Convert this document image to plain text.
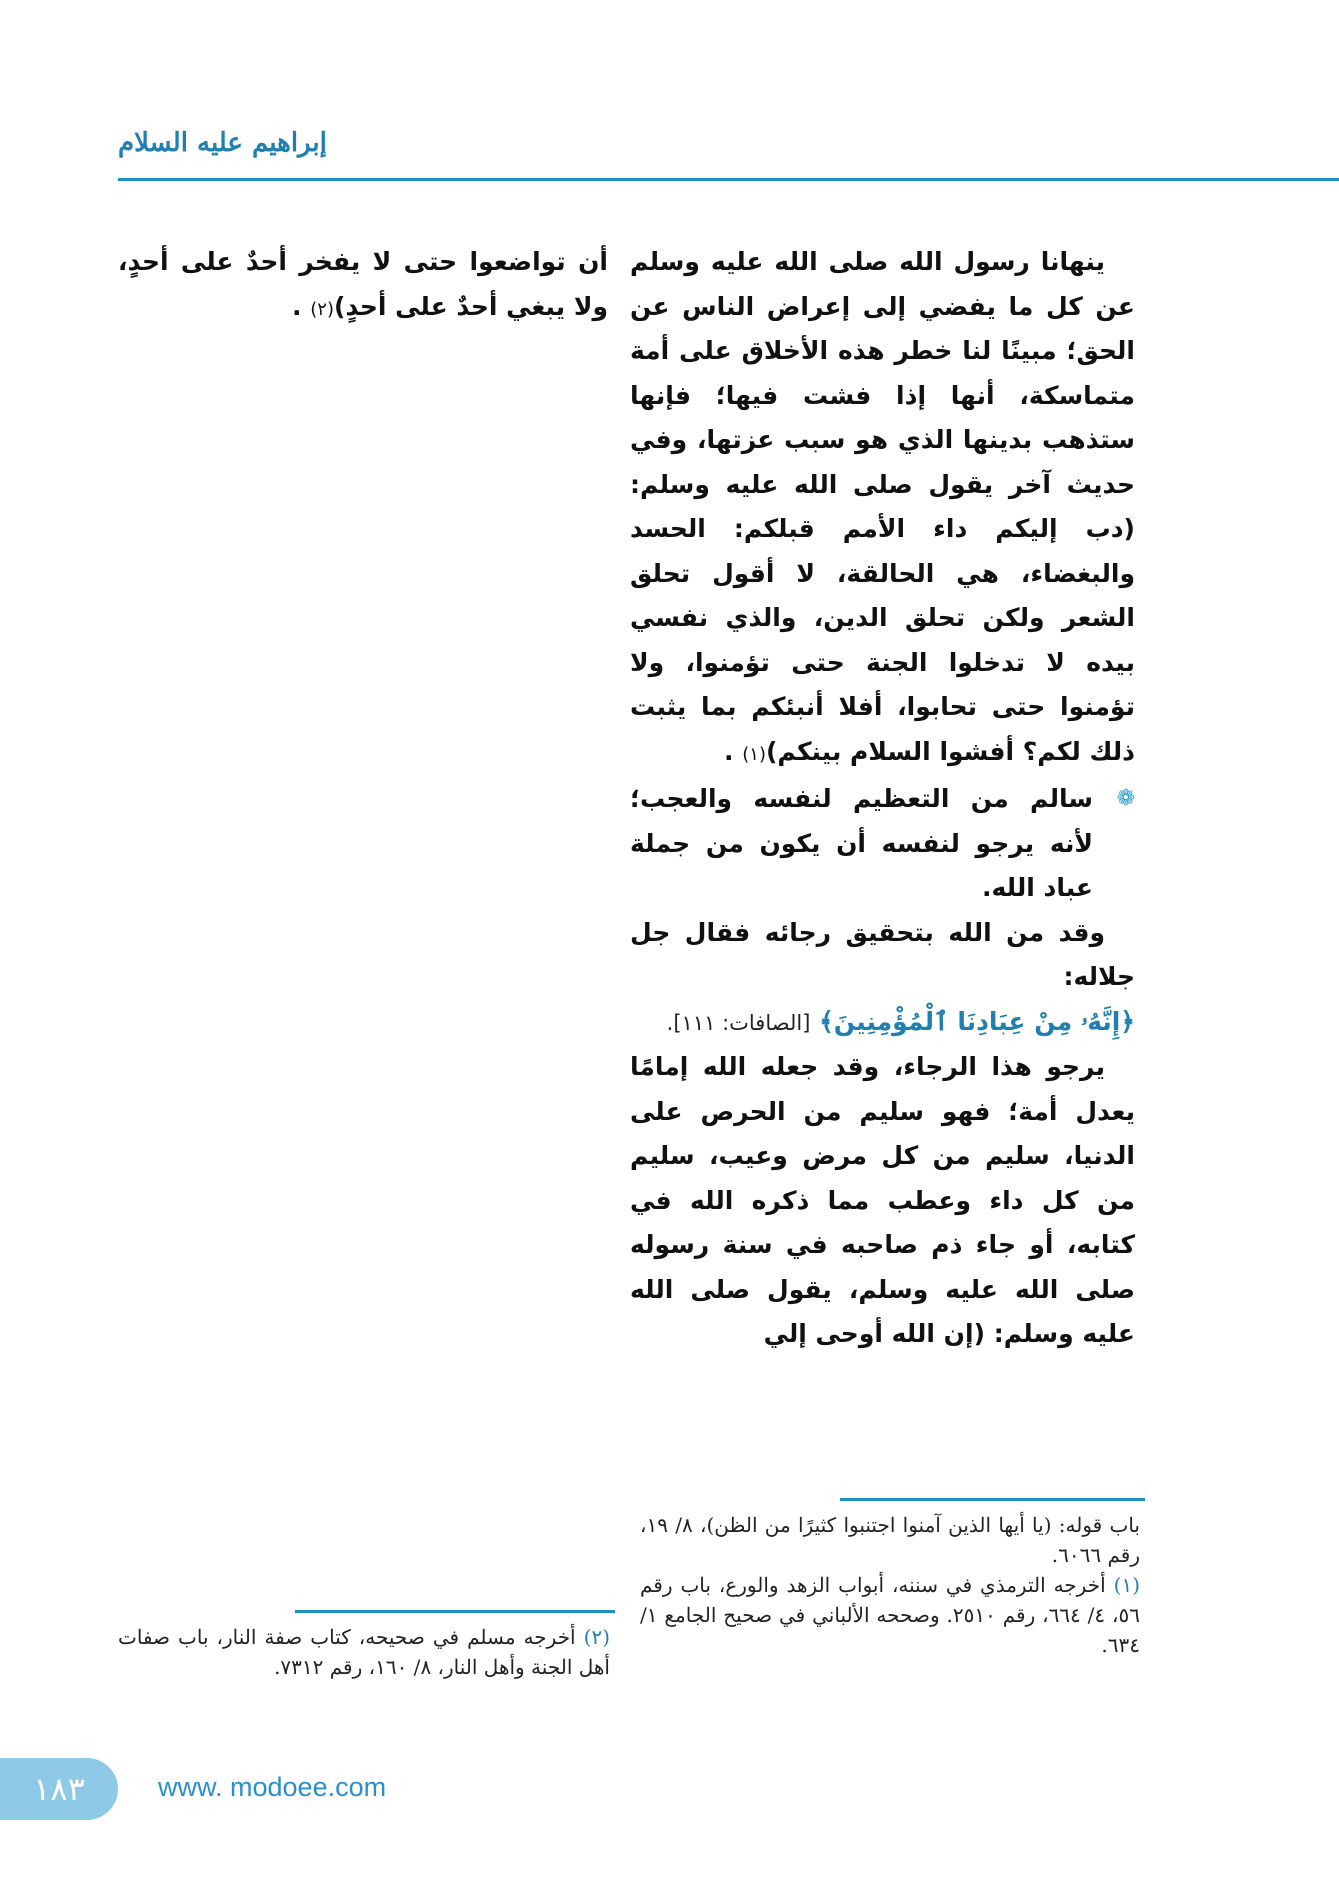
إبراهيم عليه السلام

ينهانا رسول الله صلى الله عليه وسلم عن كل ما يفضي إلى إعراض الناس عن الحق؛ مبينًا لنا خطر هذه الأخلاق على أمة متماسكة، أنها إذا فشت فيها؛ فإنها ستذهب بدينها الذي هو سبب عزتها، وفي حديث آخر يقول صلى الله عليه وسلم: (دب إليكم داء الأمم قبلكم: الحسد والبغضاء، هي الحالقة، لا أقول تحلق الشعر ولكن تحلق الدين، والذي نفسي بيده لا تدخلوا الجنة حتى تؤمنوا، ولا تؤمنوا حتى تحابوا، أفلا أنبئكم بما يثبت ذلك لكم؟ أفشوا السلام بينكم)(١) .

❁
سالم من التعظيم لنفسه والعجب؛ لأنه يرجو لنفسه أن يكون من جملة عباد الله.

وقد من الله بتحقيق رجائه فقال جل جلاله:

﴿إِنَّهُۥ مِنْ عِبَادِنَا ٱلْمُؤْمِنِينَ﴾ [الصافات: ١١١].

يرجو هذا الرجاء، وقد جعله الله إمامًا يعدل أمة؛ فهو سليم من الحرص على الدنيا، سليم من كل مرض وعيب، سليم من كل داء وعطب مما ذكره الله في كتابه، أو جاء ذم صاحبه في سنة رسوله صلى الله عليه وسلم، يقول صلى الله عليه وسلم: (إن الله أوحى إلي

أن تواضعوا حتى لا يفخر أحدٌ على أحدٍ، ولا يبغي أحدٌ على أحدٍ)(٢) .

باب قوله: (يا أيها الذين آمنوا اجتنبوا كثيرًا من الظن)، ٨/ ١٩، رقم ٦٠٦٦.

(١)أخرجه الترمذي في سننه، أبواب الزهد والورع، باب رقم ٥٦، ٤/ ٦٦٤، رقم ٢٥١٠. وصححه الألباني في صحيح الجامع ١/ ٦٣٤.

(٢)أخرجه مسلم في صحيحه، كتاب صفة النار، باب صفات أهل الجنة وأهل النار، ٨/ ١٦٠، رقم ٧٣١٢.

١٨٣	www. modoee.com
